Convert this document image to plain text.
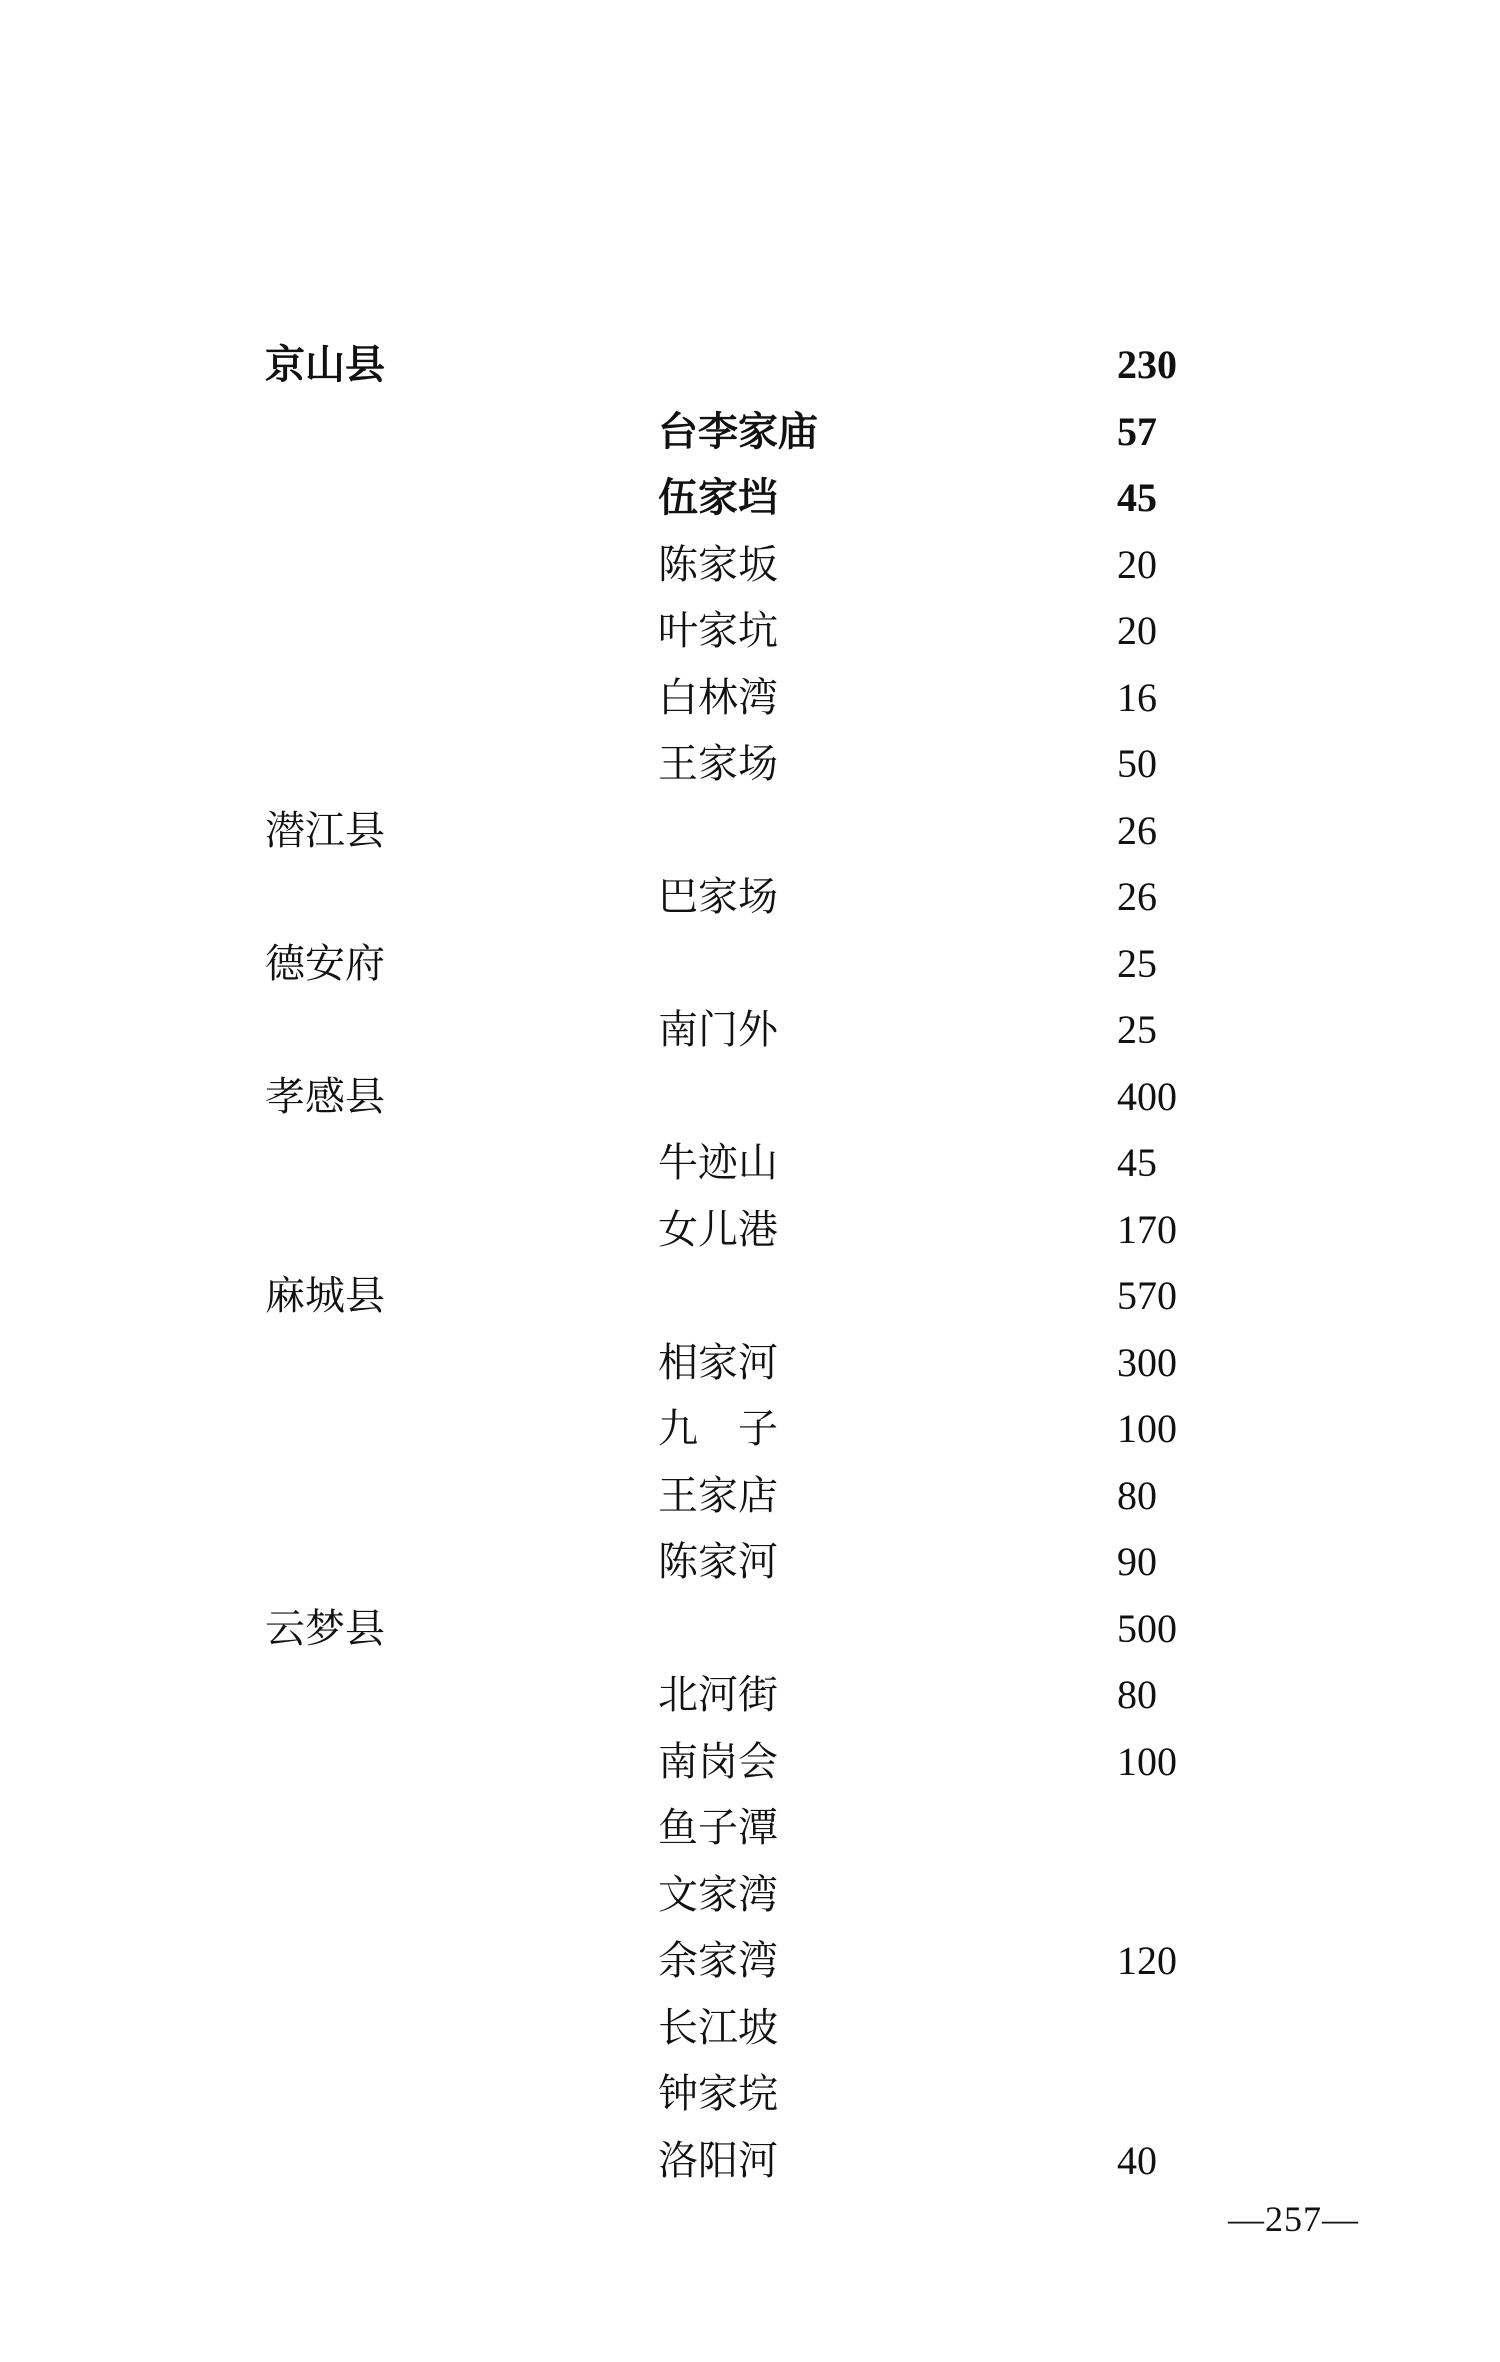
京山县	230
台李家庙	57
伍家垱	45
陈家坂	20
叶家坑	20
白林湾	16
王家场	50
潜江县	26
巴家场	26
德安府	25
南门外	25
孝感县	400
牛迹山	45
女儿港	170
麻城县	570
相家河	300
九　子	100
王家店	80
陈家河	90
云梦县	500
北河街	80
南岗会	100
鱼子潭
文家湾
余家湾	120
长江坡
钟家垸
洛阳河	40
—257—
